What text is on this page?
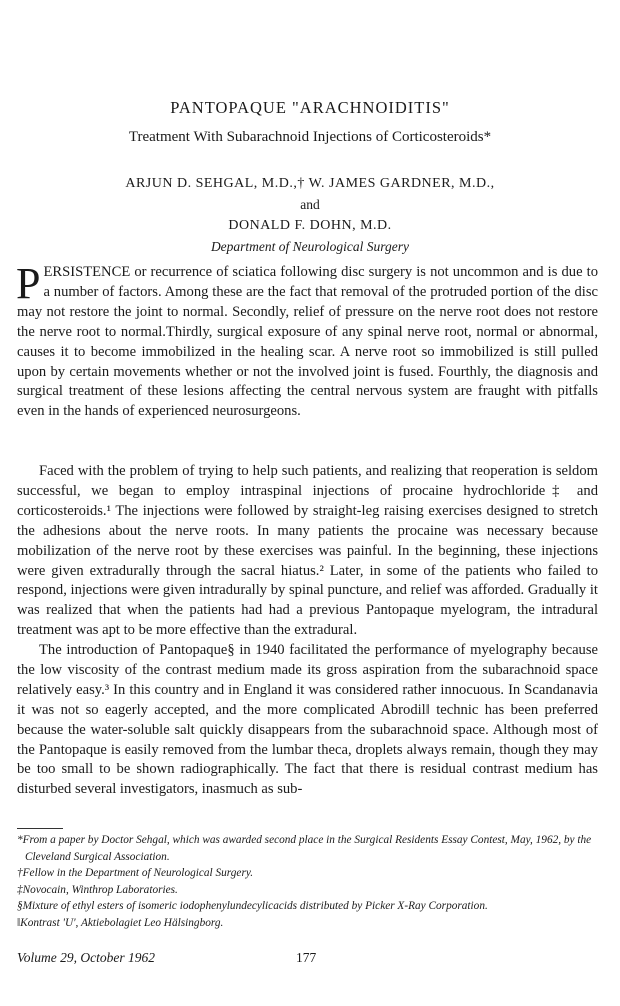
PANTOPAQUE "ARACHNOIDITIS"
Treatment With Subarachnoid Injections of Corticosteroids*
ARJUN D. SEHGAL, M.D.,† W. JAMES GARDNER, M.D.,
and
DONALD F. DOHN, M.D.
Department of Neurological Surgery
PERSISTENCE or recurrence of sciatica following disc surgery is not uncommon and is due to a number of factors. Among these are the fact that removal of the protruded portion of the disc may not restore the joint to normal. Secondly, relief of pressure on the nerve root does not restore the nerve root to normal.Thirdly, surgical exposure of any spinal nerve root, normal or abnormal, causes it to become immobilized in the healing scar. A nerve root so immobilized is still pulled upon by certain movements whether or not the involved joint is fused. Fourthly, the diagnosis and surgical treatment of these lesions affecting the central nervous system are fraught with pitfalls even in the hands of experienced neurosurgeons.
Faced with the problem of trying to help such patients, and realizing that reoperation is seldom successful, we began to employ intraspinal injections of procaine hydrochloride‡ and corticosteroids.¹ The injections were followed by straight-leg raising exercises designed to stretch the adhesions about the nerve roots. In many patients the procaine was necessary because mobilization of the nerve root by these exercises was painful. In the beginning, these injections were given extradurally through the sacral hiatus.² Later, in some of the patients who failed to respond, injections were given intradurally by spinal puncture, and relief was afforded. Gradually it was realized that when the patients had had a previous Pantopaque myelogram, the intradural treatment was apt to be more effective than the extradural.
The introduction of Pantopaque§ in 1940 facilitated the performance of myelography because the low viscosity of the contrast medium made its gross aspiration from the subarachnoid space relatively easy.³ In this country and in England it was considered rather innocuous. In Scandanavia it was not so eagerly accepted, and the more complicated Abrodil‖ technic has been preferred because the water-soluble salt quickly disappears from the subarachnoid space. Although most of the Pantopaque is easily removed from the lumbar theca, droplets always remain, though they may be too small to be shown radiographically. The fact that there is residual contrast medium has disturbed several investigators, inasmuch as sub-
*From a paper by Doctor Sehgal, which was awarded second place in the Surgical Residents Essay Contest, May, 1962, by the Cleveland Surgical Association.
†Fellow in the Department of Neurological Surgery.
‡Novocain, Winthrop Laboratories.
§Mixture of ethyl esters of isomeric iodophenylundecylicacids distributed by Picker X-Ray Corporation.
‖Kontrast 'U', Aktiebolagiet Leo Hälsingborg.
Volume 29, October 1962	177
